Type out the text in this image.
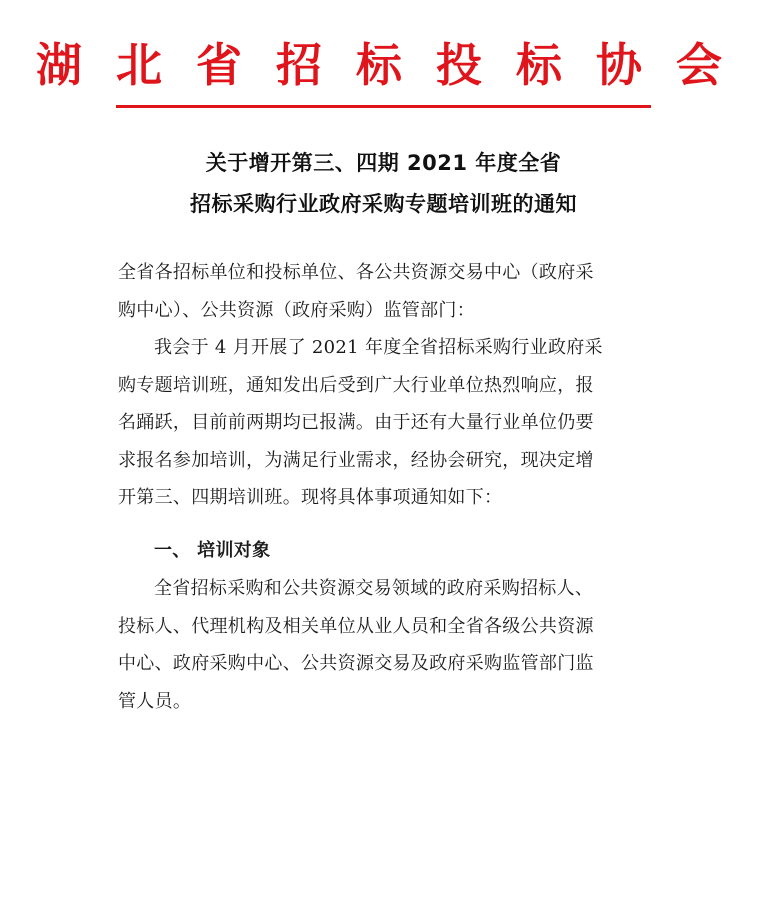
湖 北 省 招 标 投 标 协 会
关于增开第三、四期 2021 年度全省
招标采购行业政府采购专题培训班的通知
全省各招标单位和投标单位、各公共资源交易中心（政府采
购中心）、公共资源（政府采购）监管部门：
我会于 4 月开展了 2021 年度全省招标采购行业政府采
购专题培训班，通知发出后受到广大行业单位热烈响应，报
名踊跃，目前前两期均已报满。由于还有大量行业单位仍要
求报名参加培训，为满足行业需求，经协会研究，现决定增
开第三、四期培训班。现将具体事项通知如下：
一、 培训对象
全省招标采购和公共资源交易领域的政府采购招标人、
投标人、代理机构及相关单位从业人员和全省各级公共资源
中心、政府采购中心、公共资源交易及政府采购监管部门监
管人员。
